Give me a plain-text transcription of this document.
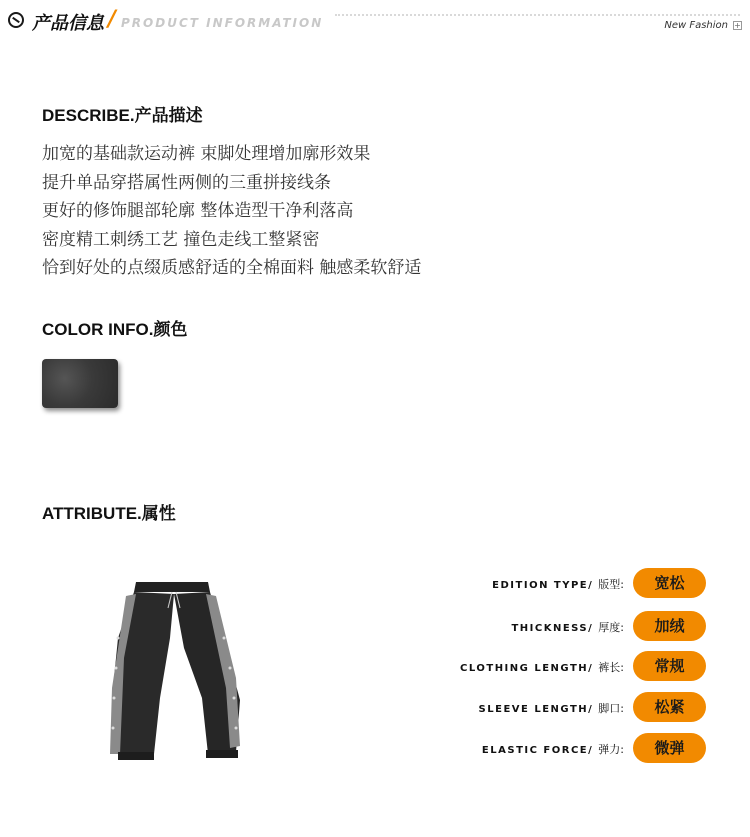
产品信息 / PRODUCT INFORMATION	New Fashion +
DESCRIBE.产品描述
加宽的基础款运动裤 束脚处理增加廓形效果
提升单品穿搭属性两侧的三重拼接线条
更好的修饰腿部轮廓 整体造型干净利落高
密度精工刺绣工艺 撞色走线工整紧密
恰到好处的点缀质感舒适的全棉面料 触感柔软舒适
COLOR INFO.颜色
ATTRIBUTE.属性
EDITION TYPE/ 版型:	宽松
THICKNESS/ 厚度:	加绒
CLOTHING LENGTH/ 裤长:	常规
SLEEVE LENGTH/ 脚口:	松紧
ELASTIC FORCE/ 弹力:	微弹
